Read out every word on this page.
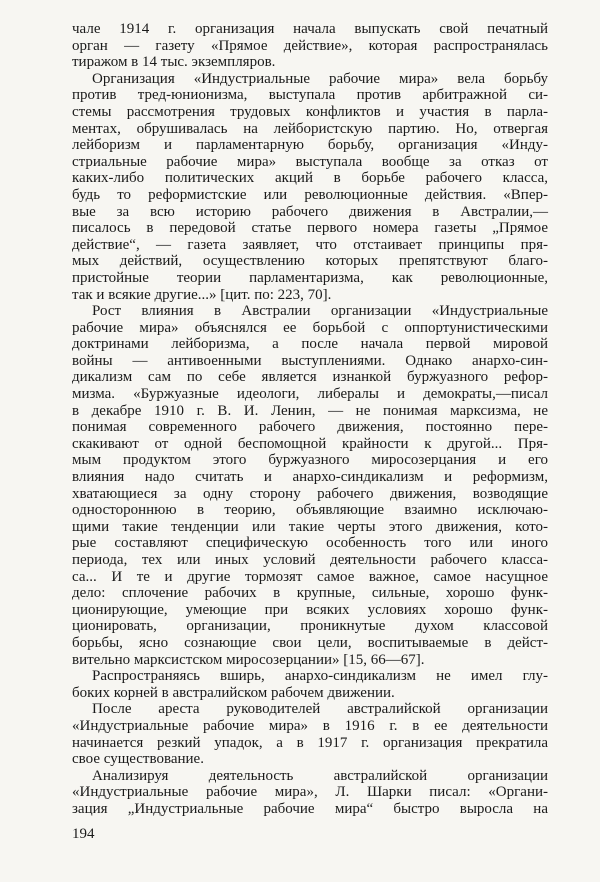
чале 1914 г. организация начала выпускать свой печатный
орган — газету «Прямое действие», которая распространялась
тиражом в 14 тыс. экземпляров.
Организация «Индустриальные рабочие мира» вела борьбу
против тред-юнионизма, выступала против арбитражной си-
стемы рассмотрения трудовых конфликтов и участия в парла-
ментах, обрушивалась на лейбористскую партию. Но, отвергая
лейборизм и парламентарную борьбу, организация «Инду-
стриальные рабочие мира» выступала вообще за отказ от
каких-либо политических акций в борьбе рабочего класса,
будь то реформистские или революционные действия. «Впер-
вые за всю историю рабочего движения в Австралии,—
писалось в передовой статье первого номера газеты „Прямое
действие“, — газета заявляет, что отстаивает принципы пря-
мых действий, осуществлению которых препятствуют благо-
пристойные теории парламентаризма, как революционные,
так и всякие другие...» [цит. по: 223, 70].
Рост влияния в Австралии организации «Индустриальные
рабочие мира» объяснялся ее борьбой с оппортунистическими
доктринами лейборизма, а после начала первой мировой
войны — антивоенными выступлениями. Однако анархо-син-
дикализм сам по себе является изнанкой буржуазного рефор-
мизма. «Буржуазные идеологи, либералы и демократы,—писал
в декабре 1910 г. В. И. Ленин, — не понимая марксизма, не
понимая современного рабочего движения, постоянно пере-
скакивают от одной беспомощной крайности к другой... Пря-
мым продуктом этого буржуазного миросозерцания и его
влияния надо считать и анархо-синдикализм и реформизм,
хватающиеся за одну сторону рабочего движения, возводящие
одностороннюю в теорию, объявляющие взаимно исключаю-
щими такие тенденции или такие черты этого движения, кото-
рые составляют специфическую особенность того или иного
периода, тех или иных условий деятельности рабочего класса-
са... И те и другие тормозят самое важное, самое насущное
дело: сплочение рабочих в крупные, сильные, хорошо функ-
ционирующие, умеющие при всяких условиях хорошо функ-
ционировать, организации, проникнутые духом классовой
борьбы, ясно сознающие свои цели, воспитываемые в дейст-
вительно марксистском миросозерцании» [15, 66—67].
Распространяясь вширь, анархо-синдикализм не имел глу-
боких корней в австралийском рабочем движении.
После ареста руководителей австралийской организации
«Индустриальные рабочие мира» в 1916 г. в ее деятельности
начинается резкий упадок, а в 1917 г. организация прекратила
свое существование.
Анализируя деятельность австралийской организации
«Индустриальные рабочие мира», Л. Шарки писал: «Органи-
зация „Индустриальные рабочие мира“ быстро выросла на
194
